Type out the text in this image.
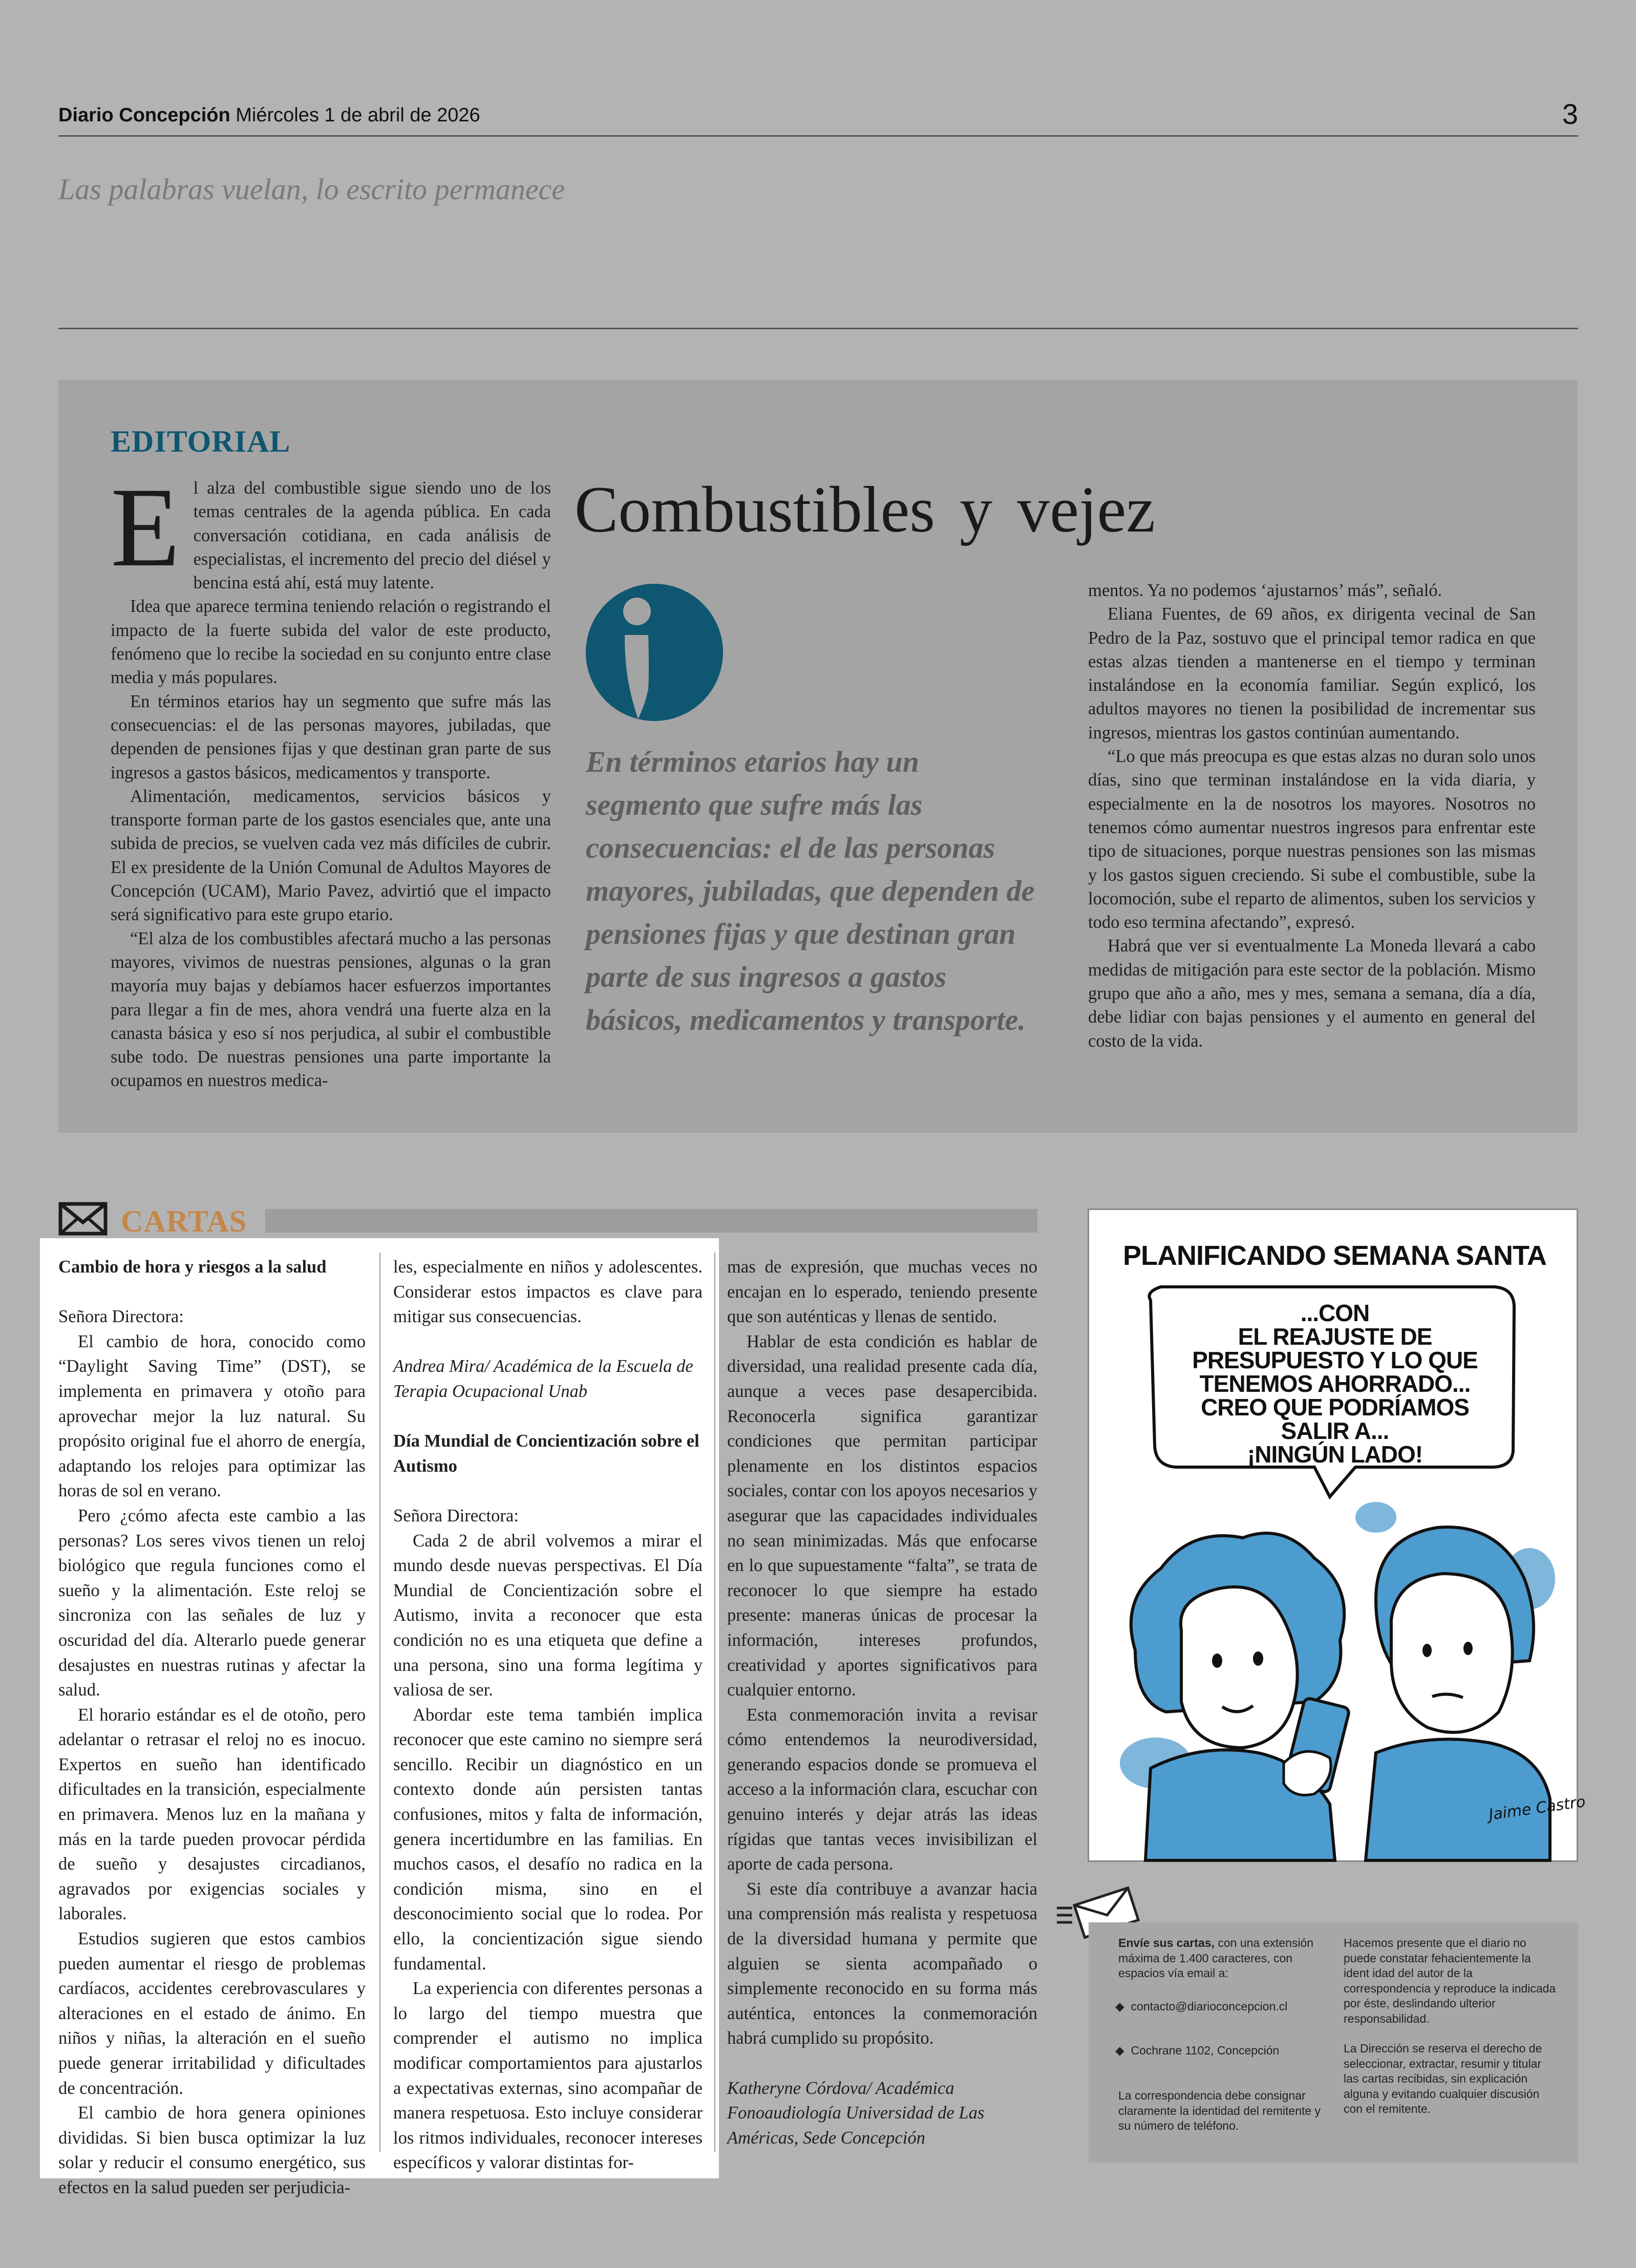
Diario Concepción Miércoles 1 de abril de 2026	3
Las palabras vuelan, lo escrito permanece
EDITORIAL
Combustibles y vejez

El alza del combustible sigue siendo uno de los temas centrales de la agenda pública. En cada conversación cotidiana, en cada análisis de especialistas, el incremento del precio del diésel y bencina está ahí, está muy latente.

Idea que aparece termina teniendo relación o registrando el impacto de la fuerte subida del valor de este producto, fenómeno que lo recibe la sociedad en su conjunto entre clase media y más populares.

En términos etarios hay un segmento que sufre más las consecuencias: el de las personas mayores, jubiladas, que dependen de pensiones fijas y que destinan gran parte de sus ingresos a gastos básicos, medicamentos y transporte.

Alimentación, medicamentos, servicios básicos y transporte forman parte de los gastos esenciales que, ante una subida de precios, se vuelven cada vez más difíciles de cubrir. El ex presidente de la Unión Comunal de Adultos Mayores de Concepción (UCAM), Mario Pavez, advirtió que el impacto será significativo para este grupo etario.

“El alza de los combustibles afectará mucho a las personas mayores, vivimos de nuestras pensiones, algunas o la gran mayoría muy bajas y debíamos hacer esfuerzos importantes para llegar a fin de mes, ahora vendrá una fuerte alza en la canasta básica y eso sí nos perjudica, al subir el combustible sube todo. De nuestras pensiones una parte importante la ocupamos en nuestros medica-

En términos etarios hay un segmento que sufre más las consecuencias: el de las personas mayores, jubiladas, que dependen de pensiones fijas y que destinan gran parte de sus ingresos a gastos básicos, medicamentos y transporte.

mentos. Ya no podemos ‘ajustarnos’ más”, señaló.

Eliana Fuentes, de 69 años, ex dirigenta vecinal de San Pedro de la Paz, sostuvo que el principal temor radica en que estas alzas tienden a mantenerse en el tiempo y terminan instalándose en la economía familiar. Según explicó, los adultos mayores no tienen la posibilidad de incrementar sus ingresos, mientras los gastos continúan aumentando.

“Lo que más preocupa es que estas alzas no duran solo unos días, sino que terminan instalándose en la vida diaria, y especialmente en la de nosotros los mayores. Nosotros no tenemos cómo aumentar nuestros ingresos para enfrentar este tipo de situaciones, porque nuestras pensiones son las mismas y los gastos siguen creciendo. Si sube el combustible, sube la locomoción, sube el reparto de alimentos, suben los servicios y todo eso termina afectando”, expresó.

Habrá que ver si eventualmente La Moneda llevará a cabo medidas de mitigación para este sector de la población. Mismo grupo que año a año, mes y mes, semana a semana, día a día, debe lidiar con bajas pensiones y el aumento en general del costo de la vida.

CARTAS

Cambio de hora y riesgos a la salud

Señora Directora:

El cambio de hora, conocido como “Daylight Saving Time” (DST), se implementa en primavera y otoño para aprovechar mejor la luz natural. Su propósito original fue el ahorro de energía, adaptando los relojes para optimizar las horas de sol en verano.

Pero ¿cómo afecta este cambio a las personas? Los seres vivos tienen un reloj biológico que regula funciones como el sueño y la alimentación. Este reloj se sincroniza con las señales de luz y oscuridad del día. Alterarlo puede generar desajustes en nuestras rutinas y afectar la salud.

El horario estándar es el de otoño, pero adelantar o retrasar el reloj no es inocuo. Expertos en sueño han identificado dificultades en la transición, especialmente en primavera. Menos luz en la mañana y más en la tarde pueden provocar pérdida de sueño y desajustes circadianos, agravados por exigencias sociales y laborales.

Estudios sugieren que estos cambios pueden aumentar el riesgo de problemas cardíacos, accidentes cerebrovasculares y alteraciones en el estado de ánimo. En niños y niñas, la alteración en el sueño puede generar irritabilidad y dificultades de concentración.

El cambio de hora genera opiniones divididas. Si bien busca optimizar la luz solar y reducir el consumo energético, sus efectos en la salud pueden ser perjudicia-

les, especialmente en niños y adolescentes. Considerar estos impactos es clave para mitigar sus consecuencias.

Andrea Mira/ Académica de la Escuela de Terapia Ocupacional Unab

Día Mundial de Concientización sobre el Autismo

Señora Directora:

Cada 2 de abril volvemos a mirar el mundo desde nuevas perspectivas. El Día Mundial de Concientización sobre el Autismo, invita a reconocer que esta condición no es una etiqueta que define a una persona, sino una forma legítima y valiosa de ser.

Abordar este tema también implica reconocer que este camino no siempre será sencillo. Recibir un diagnóstico en un contexto donde aún persisten tantas confusiones, mitos y falta de información, genera incertidumbre en las familias. En muchos casos, el desafío no radica en la condición misma, sino en el desconocimiento social que lo rodea. Por ello, la concientización sigue siendo fundamental.

La experiencia con diferentes personas a lo largo del tiempo muestra que comprender el autismo no implica modificar comportamientos para ajustarlos a expectativas externas, sino acompañar de manera respetuosa. Esto incluye considerar los ritmos individuales, reconocer intereses específicos y valorar distintas for-

mas de expresión, que muchas veces no encajan en lo esperado, teniendo presente que son auténticas y llenas de sentido.

Hablar de esta condición es hablar de diversidad, una realidad presente cada día, aunque a veces pase desapercibida. Reconocerla significa garantizar condiciones que permitan participar plenamente en los distintos espacios sociales, contar con los apoyos necesarios y asegurar que las capacidades individuales no sean minimizadas. Más que enfocarse en lo que supuestamente “falta”, se trata de reconocer lo que siempre ha estado presente: maneras únicas de procesar la información, intereses profundos, creatividad y aportes significativos para cualquier entorno.

Esta conmemoración invita a revisar cómo entendemos la neurodiversidad, generando espacios donde se promueva el acceso a la información clara, escuchar con genuino interés y dejar atrás las ideas rígidas que tantas veces invisibilizan el aporte de cada persona.

Si este día contribuye a avanzar hacia una comprensión más realista y respetuosa de la diversidad humana y permite que alguien se sienta acompañado o simplemente reconocido en su forma más auténtica, entonces la conmemoración habrá cumplido su propósito.

Katheryne Córdova/ Académica Fonoaudiología Universidad de Las Américas, Sede Concepción

Jaime Castro
PLANIFICANDO SEMANA SANTA
...CON
EL REAJUSTE DE
PRESUPUESTO Y LO QUE
TENEMOS AHORRADO...
CREO QUE PODRÍAMOS
SALIR A...
¡NINGÚN LADO!
Envíe sus cartas, con una extensión máxima de 1.400 caracteres, con espacios vía email a:
◆  contacto@diarioconcepcion.cl
◆  Cochrane 1102, Concepción
La correspondencia debe consignar claramente la identidad del remitente y su número de teléfono.
Hacemos presente que el diario no puede constatar fehacientemente la ident idad del autor de la correspondencia y reproduce la indicada por éste, deslindando ulterior responsabilidad.
La Dirección se reserva el derecho de seleccionar, extractar, resumir y titular las cartas recibidas, sin explicación alguna y evitando cualquier discusión con el remitente.
